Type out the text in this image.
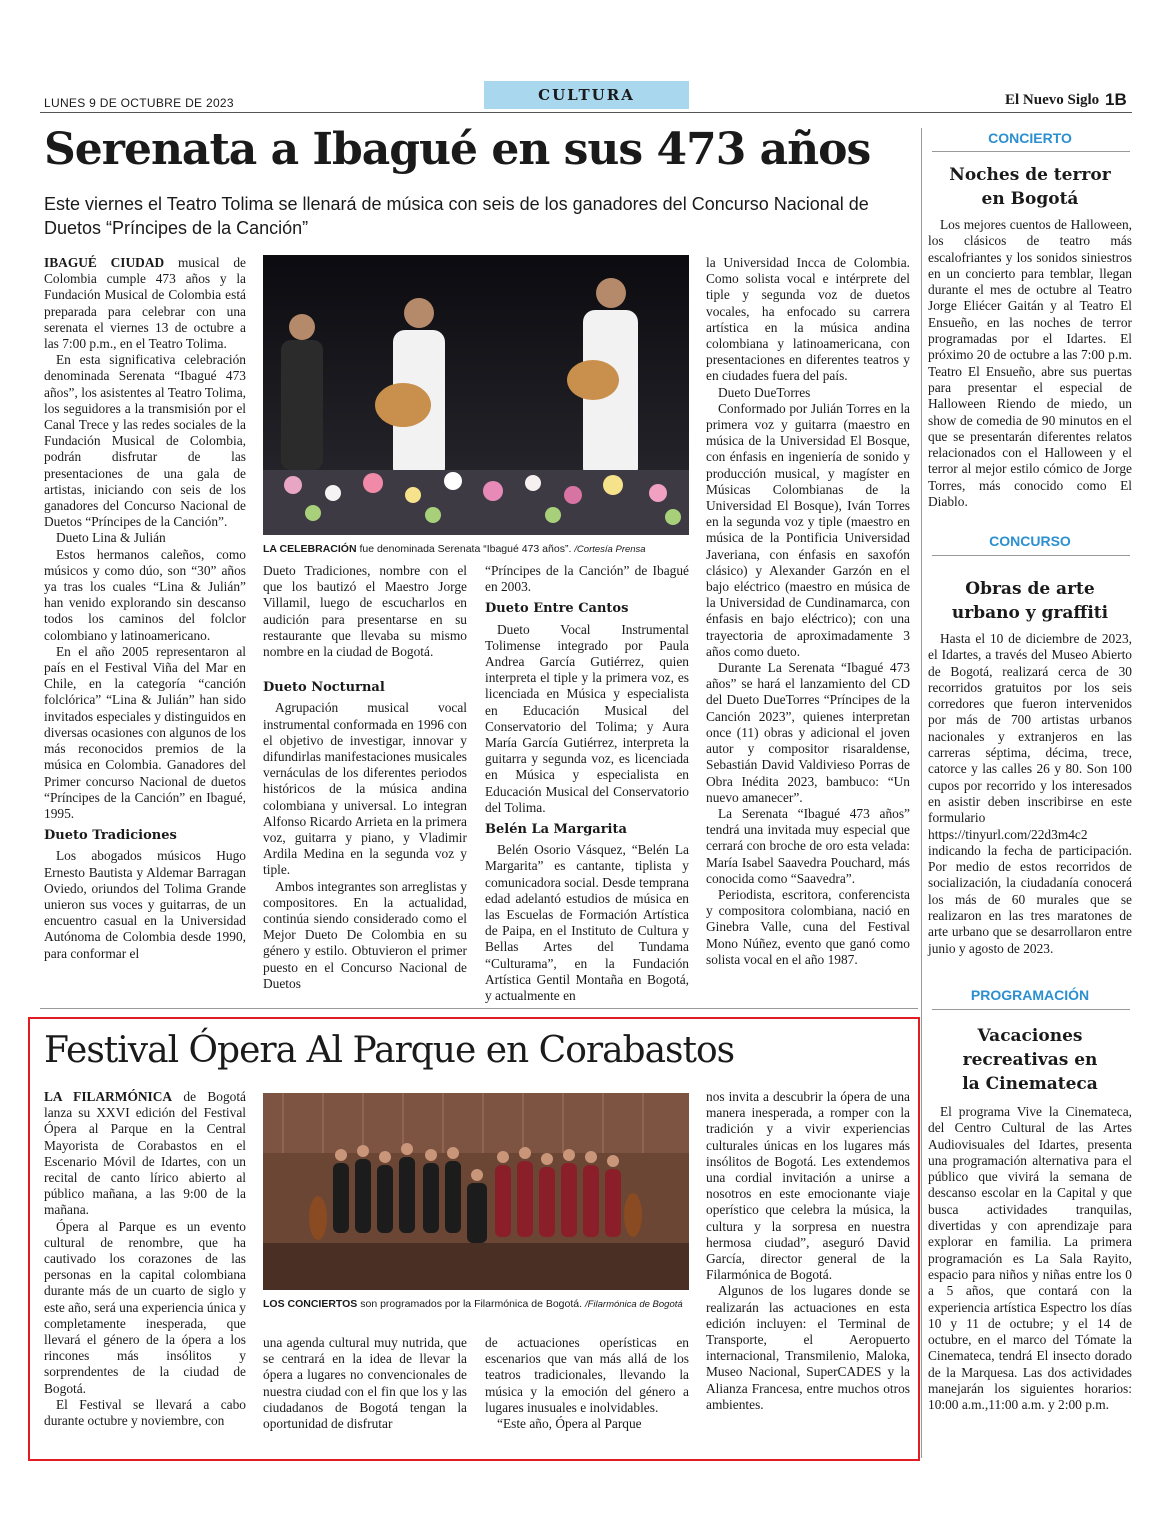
LUNES 9 DE OCTUBRE DE 2023	CULTURA	El Nuevo Siglo 1B
Serenata a Ibagué en sus 473 años
Este viernes el Teatro Tolima se llenará de música con seis de los ganadores del Concurso Nacional de Duetos “Príncipes de la Canción”
LA CELEBRACIÓN fue denominada Serenata “Ibagué 473 años”. /Cortesía Prensa

IBAGUÉ CIUDAD musical de Colombia cumple 473 años y la Fundación Musical de Colombia está preparada para celebrar con una serenata el viernes 13 de octubre a las 7:00 p.m., en el Teatro Tolima.

En esta significativa celebración denominada Serenata “Ibagué 473 años”, los asistentes al Teatro Tolima, los seguidores a la transmisión por el Canal Trece y las redes sociales de la Fundación Musical de Colombia, podrán disfrutar de las presentaciones de una gala de artistas, iniciando con seis de los ganadores del Concurso Nacional de Duetos “Príncipes de la Canción”.

Dueto Lina & Julián

Estos hermanos caleños, como músicos y como dúo, son “30” años ya tras los cuales “Lina & Julián” han venido explorando sin descanso todos los caminos del folclor colombiano y latinoamericano.

En el año 2005 representaron al país en el Festival Viña del Mar en Chile, en la categoría “canción folclórica” “Lina & Julián” han sido invitados especiales y distinguidos en diversas ocasiones con algunos de los más reconocidos premios de la música en Colombia. Ganadores del Primer concurso Nacional de duetos “Príncipes de la Canción” en Ibagué, 1995.

Dueto Tradiciones

Los abogados músicos Hugo Ernesto Bautista y Aldemar Barragan Oviedo, oriundos del Tolima Grande unieron sus voces y guitarras, de un encuentro casual en la Universidad Autónoma de Colombia desde 1990, para conformar el

Dueto Tradiciones, nombre con el que los bautizó el Maestro Jorge Villamil, luego de escucharlos en audición para presentarse en su restaurante que llevaba su mismo nombre en la ciudad de Bogotá.

Dueto Nocturnal

Agrupación musical vocal instrumental conformada en 1996 con el objetivo de investigar, innovar y difundirlas manifestaciones musicales vernáculas de los diferentes periodos históricos de la música andina colombiana y universal. Lo integran Alfonso Ricardo Arrieta en la primera voz, guitarra y piano, y Vladimir Ardila Medina en la segunda voz y tiple.

Ambos integrantes son arreglistas y compositores. En la actualidad, continúa siendo considerado como el Mejor Dueto De Colombia en su género y estilo. Obtuvieron el primer puesto en el Concurso Nacional de Duetos

“Príncipes de la Canción” de Ibagué en 2003.

Dueto Entre Cantos

Dueto Vocal Instrumental Tolimense integrado por Paula Andrea García Gutiérrez, quien interpreta el tiple y la primera voz, es licenciada en Música y especialista en Educación Musical del Conservatorio del Tolima; y Aura María García Gutiérrez, interpreta la guitarra y segunda voz, es licenciada en Música y especialista en Educación Musical del Conservatorio del Tolima.

Belén La Margarita

Belén Osorio Vásquez, “Belén La Margarita” es cantante, tiplista y comunicadora social. Desde temprana edad adelantó estudios de música en las Escuelas de Formación Artística de Paipa, en el Instituto de Cultura y Bellas Artes del Tundama “Culturama”, en la Fundación Artística Gentil Montaña en Bogotá, y actualmente en

la Universidad Incca de Colombia. Como solista vocal e intérprete del tiple y segunda voz de duetos vocales, ha enfocado su carrera artística en la música andina colombiana y latinoamericana, con presentaciones en diferentes teatros y en ciudades fuera del país.

Dueto DueTorres

Conformado por Julián Torres en la primera voz y guitarra (maestro en música de la Universidad El Bosque, con énfasis en ingeniería de sonido y producción musical, y magíster en Músicas Colombianas de la Universidad El Bosque), Iván Torres en la segunda voz y tiple (maestro en música de la Pontificia Universidad Javeriana, con énfasis en saxofón clásico) y Alexander Garzón en el bajo eléctrico (maestro en música de la Universidad de Cundinamarca, con énfasis en bajo eléctrico); con una trayectoria de aproximadamente 3 años como dueto.

Durante La Serenata “Ibagué 473 años” se hará el lanzamiento del CD del Dueto DueTorres “Príncipes de la Canción 2023”, quienes interpretan once (11) obras y adicional el joven autor y compositor risaraldense, Sebastián David Valdivieso Porras de Obra Inédita 2023, bambuco: “Un nuevo amanecer”.

La Serenata “Ibagué 473 años” tendrá una invitada muy especial que cerrará con broche de oro esta velada: María Isabel Saavedra Pouchard, más conocida como “Saavedra”.

Periodista, escritora, conferencista y compositora colombiana, nació en Ginebra Valle, cuna del Festival Mono Núñez, evento que ganó como solista vocal en el año 1987.

CONCIERTO
Noches de terror
en Bogotá

Los mejores cuentos de Halloween, los clásicos de teatro más escalofriantes y los sonidos siniestros en un concierto para temblar, llegan durante el mes de octubre al Teatro Jorge Eliécer Gaitán y al Teatro El Ensueño, en las noches de terror programadas por el Idartes. El próximo 20 de octubre a las 7:00 p.m. Teatro El Ensueño, abre sus puertas para presentar el especial de Halloween Riendo de miedo, un show de comedia de 90 minutos en el que se presentarán diferentes relatos relacionados con el Halloween y el terror al mejor estilo cómico de Jorge Torres, más conocido como El Diablo.

CONCURSO
Obras de arte
urbano y graffiti

Hasta el 10 de diciembre de 2023, el Idartes, a través del Museo Abierto de Bogotá, realizará cerca de 30 recorridos gratuitos por los seis corredores que fueron intervenidos por más de 700 artistas urbanos nacionales y extranjeros en las carreras séptima, décima, trece, catorce y las calles 26 y 80. Son 100 cupos por recorrido y los interesados en asistir deben inscribirse en este formulario https://tinyurl.com/22d3m4c2 indicando la fecha de participación. Por medio de estos recorridos de socialización, la ciudadanía conocerá los más de 60 murales que se realizaron en las tres maratones de arte urbano que se desarrollaron entre junio y agosto de 2023.

PROGRAMACIÓN
Vacaciones
recreativas en
la Cinemateca

El programa Vive la Cinemateca, del Centro Cultural de las Artes Audiovisuales del Idartes, presenta una programación alternativa para el público que vivirá la semana de descanso escolar en la Capital y que busca actividades tranquilas, divertidas y con aprendizaje para explorar en familia. La primera programación es La Sala Rayito, espacio para niños y niñas entre los 0 a 5 años, que contará con la experiencia artística Espectro los días 10 y 11 de octubre; y el 14 de octubre, en el marco del Tómate la Cinemateca, tendrá El insecto dorado de la Marquesa. Las dos actividades manejarán los siguientes horarios: 10:00 a.m.,11:00 a.m. y 2:00 p.m.

Festival Ópera Al Parque en Corabastos
LOS CONCIERTOS son programados por la Filarmónica de Bogotá. /Filarmónica de Bogotá

LA FILARMÓNICA de Bogotá lanza su XXVI edición del Festival Ópera al Parque en la Central Mayorista de Corabastos en el Escenario Móvil de Idartes, con un recital de canto lírico abierto al público mañana, a las 9:00 de la mañana.

Ópera al Parque es un evento cultural de renombre, que ha cautivado los corazones de las personas en la capital colombiana durante más de un cuarto de siglo y este año, será una experiencia única y completamente inesperada, que llevará el género de la ópera a los rincones más insólitos y sorprendentes de la ciudad de Bogotá.

El Festival se llevará a cabo durante octubre y noviembre, con

una agenda cultural muy nutrida, que se centrará en la idea de llevar la ópera a lugares no convencionales de nuestra ciudad con el fin que los y las ciudadanos de Bogotá tengan la oportunidad de disfrutar

de actuaciones operísticas en escenarios que van más allá de los teatros tradicionales, llevando la música y la emoción del género a lugares inusuales e inolvidables.

“Este año, Ópera al Parque

nos invita a descubrir la ópera de una manera inesperada, a romper con la tradición y a vivir experiencias culturales únicas en los lugares más insólitos de Bogotá. Les extendemos una cordial invitación a unirse a nosotros en este emocionante viaje operístico que celebra la música, la cultura y la sorpresa en nuestra hermosa ciudad”, aseguró David García, director general de la Filarmónica de Bogotá.

Algunos de los lugares donde se realizarán las actuaciones en esta edición incluyen: el Terminal de Transporte, el Aeropuerto internacional, Transmilenio, Maloka, Museo Nacional, SuperCADES y la Alianza Francesa, entre muchos otros ambientes.
